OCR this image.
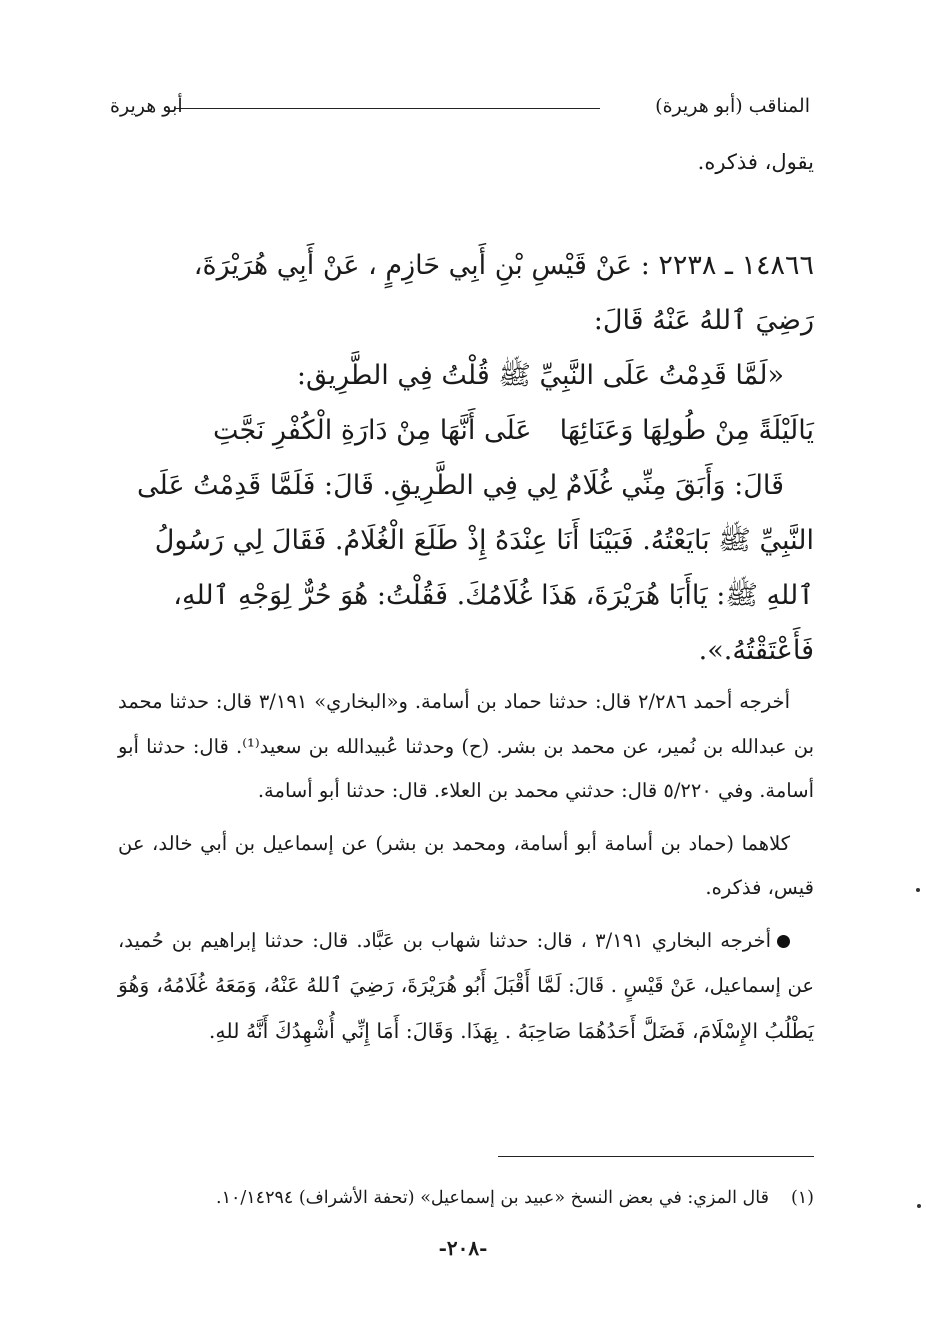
المناقب (أبو هريرة)
أبو هريرة
يقول، فذكره.

١٤٨٦٦ ـ ٢٢٣٨ : عَنْ قَيْسِ بْنِ أَبِي حَازِمٍ ، عَنْ أَبِي هُرَيْرَةَ،

رَضِيَ ٱللهُ عَنْهُ قَالَ:

«لَمَّا قَدِمْتُ عَلَى النَّبِيِّ ﷺ قُلْتُ فِي الطَّرِيق:

يَالَيْلَةً مِنْ طُولِهَا وَعَنَائِهَا
عَلَى أَنَّهَا مِنْ دَارَةِ الْكُفْرِ نَجَّتِ

قَالَ: وَأَبَقَ مِنِّي غُلَامٌ لِي فِي الطَّرِيقِ. قَالَ: فَلَمَّا قَدِمْتُ عَلَى النَّبِيِّ ﷺ بَايَعْتُهُ. فَبَيْنَا أَنَا عِنْدَهُ إِذْ طَلَعَ الْغُلَامُ. فَقَالَ لِي رَسُولُ ٱللهِ ﷺ: يَاأَبَا هُرَيْرَةَ، هَذَا غُلَامُكَ. فَقُلْتُ: هُوَ حُرٌّ لِوَجْهِ ٱللهِ، فَأَعْتَقْتُهُ.».

أخرجه أحمد ٢/٢٨٦ قال: حدثنا حماد بن أسامة. و«البخاري» ٣/١٩١ قال: حدثنا محمد بن عبدالله بن نُمير، عن محمد بن بشر. (ح) وحدثنا عُبيدالله بن سعيد⁽¹⁾. قال: حدثنا أبو أسامة. وفي ٥/٢٢٠ قال: حدثني محمد بن العلاء. قال: حدثنا أبو أسامة.

كلاهما (حماد بن أسامة أبو أسامة، ومحمد بن بشر) عن إسماعيل بن أبي خالد، عن قيس، فذكره.

أخرجه البخاري ٣/١٩١ ، قال: حدثنا شهاب بن عَبَّاد. قال: حدثنا إبراهيم بن حُميد، عن إسماعيل، عَنْ قَيْسٍ . قَالَ: لَمَّا أَقْبَلَ أَبُو هُرَيْرَةَ، رَضِيَ ٱللهُ عَنْهُ، وَمَعَهُ غُلَامُهُ، وَهُوَ يَطْلُبُ الإِسْلَامَ، فَضَلَّ أَحَدُهُمَا صَاحِبَهُ . بِهَذَا. وَقَالَ: أَمَا إِنِّي أُشْهِدُكَ أَنَّهُ للهِ.

(١)قال المزي: في بعض النسخ «عبيد بن إسماعيل» (تحفة الأشراف) ١٠/١٤٢٩٤.
-٢٠٨-
